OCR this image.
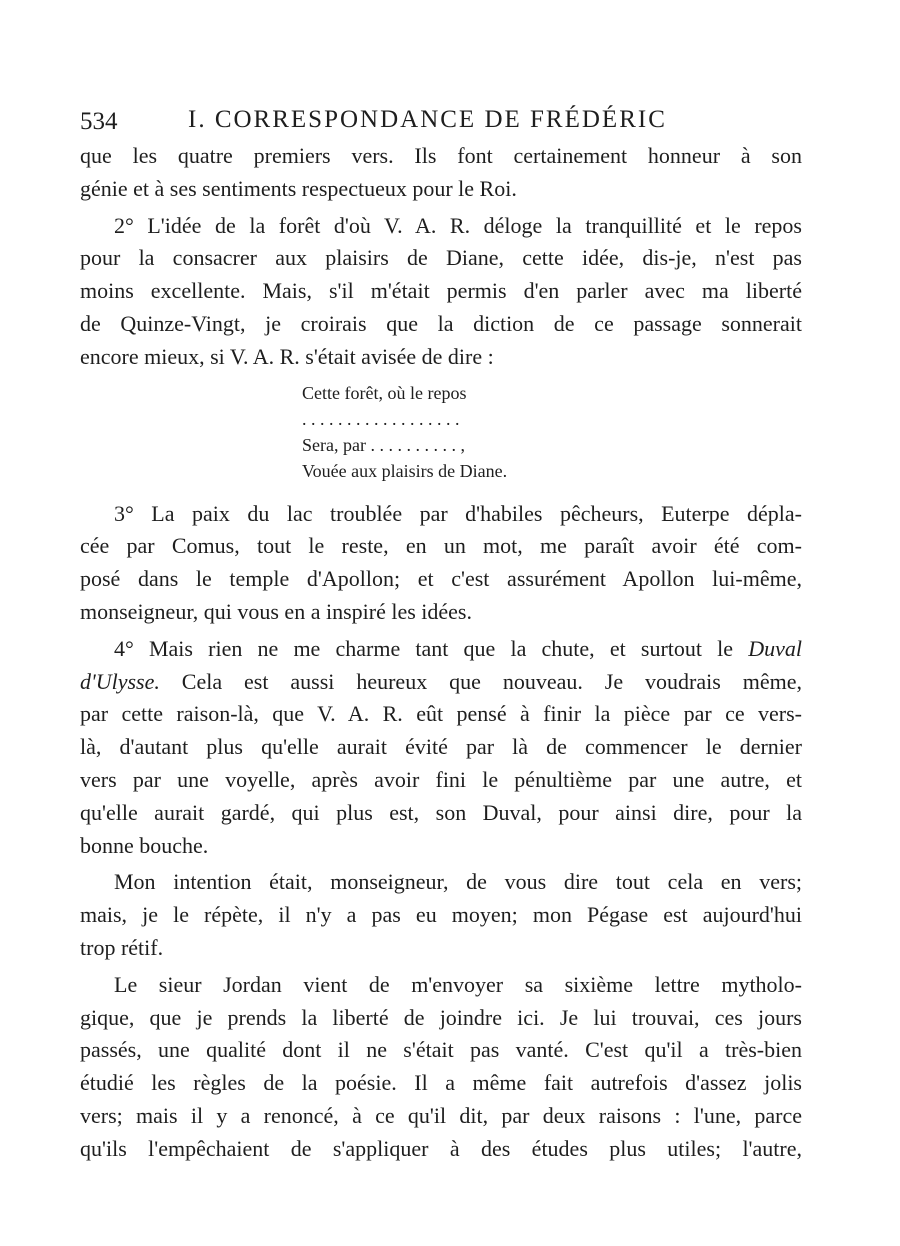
534	I. CORRESPONDANCE DE FRÉDÉRIC

que les quatre premiers vers. Ils font certainement honneur à son
génie et à ses sentiments respectueux pour le Roi.

2° L'idée de la forêt d'où V. A. R. déloge la tranquillité et le repos
pour la consacrer aux plaisirs de Diane, cette idée, dis-je, n'est pas
moins excellente. Mais, s'il m'était permis d'en parler avec ma liberté
de Quinze-Vingt, je croirais que la diction de ce passage sonnerait
encore mieux, si V. A. R. s'était avisée de dire :

Cette forêt, où le repos
. . . . . . . . . . . . . . . . . .
Sera, par . . . . . . . . . . ,
Vouée aux plaisirs de Diane.

3° La paix du lac troublée par d'habiles pêcheurs, Euterpe dépla-
cée par Comus, tout le reste, en un mot, me paraît avoir été com-
posé dans le temple d'Apollon; et c'est assurément Apollon lui-même,
monseigneur, qui vous en a inspiré les idées.

4° Mais rien ne me charme tant que la chute, et surtout le Duval
d'Ulysse. Cela est aussi heureux que nouveau. Je voudrais même,
par cette raison-là, que V. A. R. eût pensé à finir la pièce par ce vers-
là, d'autant plus qu'elle aurait évité par là de commencer le dernier
vers par une voyelle, après avoir fini le pénultième par une autre, et
qu'elle aurait gardé, qui plus est, son Duval, pour ainsi dire, pour la
bonne bouche.

Mon intention était, monseigneur, de vous dire tout cela en vers;
mais, je le répète, il n'y a pas eu moyen; mon Pégase est aujourd'hui
trop rétif.

Le sieur Jordan vient de m'envoyer sa sixième lettre mytholo-
gique, que je prends la liberté de joindre ici. Je lui trouvai, ces jours
passés, une qualité dont il ne s'était pas vanté. C'est qu'il a très-bien
étudié les règles de la poésie. Il a même fait autrefois d'assez jolis
vers; mais il y a renoncé, à ce qu'il dit, par deux raisons : l'une, parce
qu'ils l'empêchaient de s'appliquer à des études plus utiles; l'autre,
